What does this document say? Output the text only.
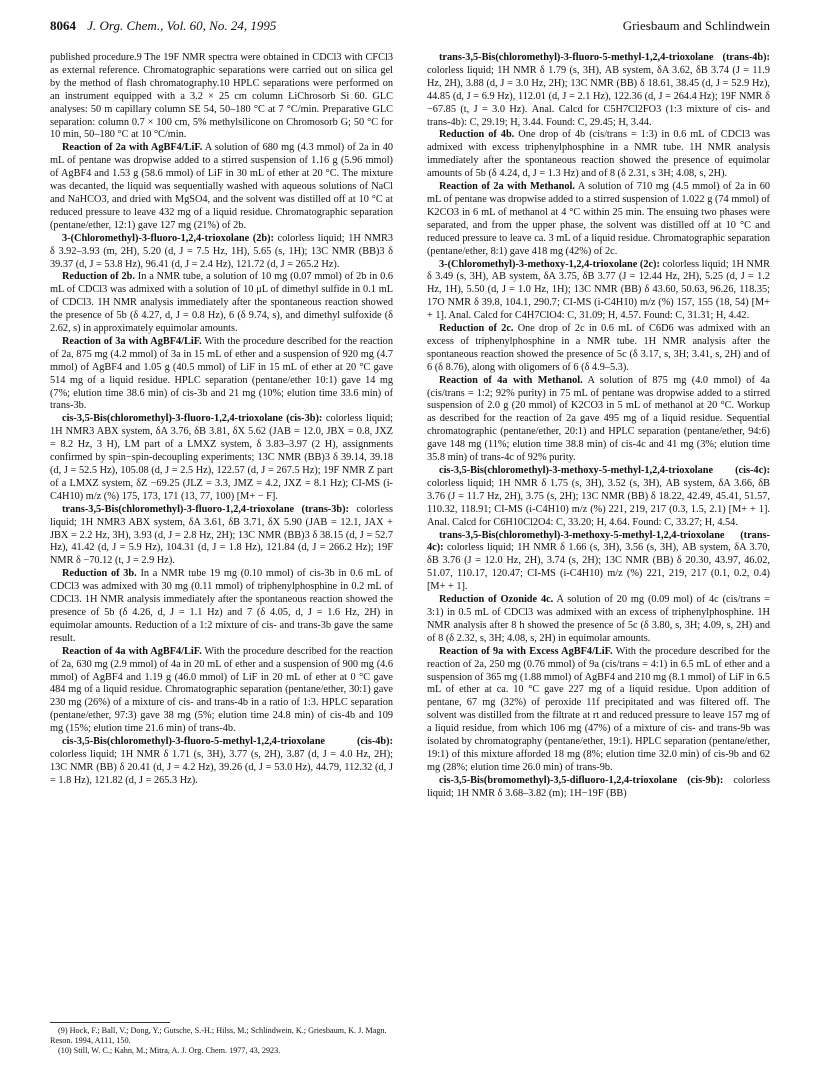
8064 J. Org. Chem., Vol. 60, No. 24, 1995	Griesbaum and Schlindwein

published procedure.9 The 19F NMR spectra were obtained in CDCl3 with CFCl3 as external reference. Chromatographic separations were carried out on silica gel by the method of flash chromatography.10 HPLC separations were performed on an instrument equipped with a 3.2 × 25 cm column LiChrosorb Si 60. GLC analyses: 50 m capillary column SE 54, 50–180 °C at 7 °C/min. Preparative GLC separation: column 0.7 × 100 cm, 5% methylsilicone on Chromosorb G; 50 °C for 10 min, 50–180 °C at 10 °C/min.

Reaction of 2a with AgBF4/LiF. A solution of 680 mg (4.3 mmol) of 2a in 40 mL of pentane was dropwise added to a stirred suspension of 1.16 g (5.96 mmol) of AgBF4 and 1.53 g (58.6 mmol) of LiF in 30 mL of ether at 20 °C. The mixture was decanted, the liquid was sequentially washed with aqueous solutions of NaCl and NaHCO3, and dried with MgSO4, and the solvent was distilled off at 10 °C at reduced pressure to leave 432 mg of a liquid residue. Chromatographic separation (pentane/ether, 12:1) gave 127 mg (21%) of 2b.

3-(Chloromethyl)-3-fluoro-1,2,4-trioxolane (2b): colorless liquid; 1H NMR3 δ 3.92–3.93 (m, 2H), 5.20 (d, J = 7.5 Hz, 1H), 5.65 (s, 1H); 13C NMR (BB)3 δ 39.37 (d, J = 53.8 Hz), 96.41 (d, J = 2.4 Hz), 121.72 (d, J = 265.2 Hz).

Reduction of 2b. In a NMR tube, a solution of 10 mg (0.07 mmol) of 2b in 0.6 mL of CDCl3 was admixed with a solution of 10 μL of dimethyl sulfide in 0.1 mL of CDCl3. 1H NMR analysis immediately after the spontaneous reaction showed the presence of 5b (δ 4.27, d, J = 0.8 Hz), 6 (δ 9.74, s), and dimethyl sulfoxide (δ 2.62, s) in approximately equimolar amounts.

Reaction of 3a with AgBF4/LiF. With the procedure described for the reaction of 2a, 875 mg (4.2 mmol) of 3a in 15 mL of ether and a suspension of 920 mg (4.7 mmol) of AgBF4 and 1.05 g (40.5 mmol) of LiF in 15 mL of ether at 20 °C gave 514 mg of a liquid residue. HPLC separation (pentane/ether 10:1) gave 14 mg (7%; elution time 38.6 min) of cis-3b and 21 mg (10%; elution time 33.6 min) of trans-3b.

cis-3,5-Bis(chloromethyl)-3-fluoro-1,2,4-trioxolane (cis-3b): colorless liquid; 1H NMR3 ABX system, δA 3.76, δB 3.81, δX 5.62 (JAB = 12.0, JBX = 0.8, JXZ = 8.2 Hz, 3 H), LM part of a LMXZ system, δ 3.83–3.97 (2 H), assignments confirmed by spin−spin-decoupling experiments; 13C NMR (BB)3 δ 39.14, 39.18 (d, J = 52.5 Hz), 105.08 (d, J = 2.5 Hz), 122.57 (d, J = 267.5 Hz); 19F NMR Z part of a LMXZ system, δZ −69.25 (JLZ = 3.3, JMZ = 4.2, JXZ = 8.1 Hz); CI-MS (i-C4H10) m/z (%) 175, 173, 171 (13, 77, 100) [M+ − F].

trans-3,5-Bis(chloromethyl)-3-fluoro-1,2,4-trioxolane (trans-3b): colorless liquid; 1H NMR3 ABX system, δA 3.61, δB 3.71, δX 5.90 (JAB = 12.1, JAX + JBX = 2.2 Hz, 3H), 3.93 (d, J = 2.8 Hz, 2H); 13C NMR (BB)3 δ 38.15 (d, J = 52.7 Hz), 41.42 (d, J = 5.9 Hz), 104.31 (d, J = 1.8 Hz), 121.84 (d, J = 266.2 Hz); 19F NMR δ −70.12 (t, J = 2.9 Hz).

Reduction of 3b. In a NMR tube 19 mg (0.10 mmol) of cis-3b in 0.6 mL of CDCl3 was admixed with 30 mg (0.11 mmol) of triphenylphosphine in 0.2 mL of CDCl3. 1H NMR analysis immediately after the spontaneous reaction showed the presence of 5b (δ 4.26, d, J = 1.1 Hz) and 7 (δ 4.05, d, J = 1.6 Hz, 2H) in equimolar amounts. Reduction of a 1:2 mixture of cis- and trans-3b gave the same result.

Reaction of 4a with AgBF4/LiF. With the procedure described for the reaction of 2a, 630 mg (2.9 mmol) of 4a in 20 mL of ether and a suspension of 900 mg (4.6 mmol) of AgBF4 and 1.19 g (46.0 mmol) of LiF in 20 mL of ether at 0 °C gave 484 mg of a liquid residue. Chromatographic separation (pentane/ether, 30:1) gave 230 mg (26%) of a mixture of cis- and trans-4b in a ratio of 1:3. HPLC separation (pentane/ether, 97:3) gave 38 mg (5%; elution time 24.8 min) of cis-4b and 109 mg (15%; elution time 21.6 min) of trans-4b.

cis-3,5-Bis(chloromethyl)-3-fluoro-5-methyl-1,2,4-trioxolane (cis-4b): colorless liquid; 1H NMR δ 1.71 (s, 3H), 3.77 (s, 2H), 3.87 (d, J = 4.0 Hz, 2H); 13C NMR (BB) δ 20.41 (d, J = 4.2 Hz), 39.26 (d, J = 53.0 Hz), 44.79, 112.32 (d, J = 1.8 Hz), 121.82 (d, J = 265.3 Hz).

trans-3,5-Bis(chloromethyl)-3-fluoro-5-methyl-1,2,4-trioxolane (trans-4b): colorless liquid; 1H NMR δ 1.79 (s, 3H), AB system, δA 3.62, δB 3.74 (J = 11.9 Hz, 2H), 3.88 (d, J = 3.0 Hz, 2H); 13C NMR (BB) δ 18.61, 38.45 (d, J = 52.9 Hz), 44.85 (d, J = 6.9 Hz), 112.01 (d, J = 2.1 Hz), 122.36 (d, J = 264.4 Hz); 19F NMR δ −67.85 (t, J = 3.0 Hz). Anal. Calcd for C5H7Cl2FO3 (1:3 mixture of cis- and trans-4b): C, 29.19; H, 3.44. Found: C, 29.45; H, 3.44.

Reduction of 4b. One drop of 4b (cis/trans = 1:3) in 0.6 mL of CDCl3 was admixed with excess triphenylphosphine in a NMR tube. 1H NMR analysis immediately after the spontaneous reaction showed the presence of equimolar amounts of 5b (δ 4.24, d, J = 1.3 Hz) and of 8 (δ 2.31, s 3H; 4.08, s, 2H).

Reaction of 2a with Methanol. A solution of 710 mg (4.5 mmol) of 2a in 60 mL of pentane was dropwise added to a stirred suspension of 1.022 g (74 mmol) of K2CO3 in 6 mL of methanol at 4 °C within 25 min. The ensuing two phases were separated, and from the upper phase, the solvent was distilled off at 10 °C and reduced pressure to leave ca. 3 mL of a liquid residue. Chromatographic separation (pentane/ether, 8:1) gave 418 mg (42%) of 2c.

3-(Chloromethyl)-3-methoxy-1,2,4-trioxolane (2c): colorless liquid; 1H NMR δ 3.49 (s, 3H), AB system, δA 3.75, δB 3.77 (J = 12.44 Hz, 2H), 5.25 (d, J = 1.2 Hz, 1H), 5.50 (d, J = 1.0 Hz, 1H); 13C NMR (BB) δ 43.60, 50.63, 96.26, 118.35; 17O NMR δ 39.8, 104.1, 290.7; CI-MS (i-C4H10) m/z (%) 157, 155 (18, 54) [M+ + 1]. Anal. Calcd for C4H7ClO4: C, 31.09; H, 4.57. Found: C, 31.31; H, 4.42.

Reduction of 2c. One drop of 2c in 0.6 mL of C6D6 was admixed with an excess of triphenylphosphine in a NMR tube. 1H NMR analysis after the spontaneous reaction showed the presence of 5c (δ 3.17, s, 3H; 3.41, s, 2H) and of 6 (δ 8.76), along with oligomers of 6 (δ 4.9–5.3).

Reaction of 4a with Methanol. A solution of 875 mg (4.0 mmol) of 4a (cis/trans = 1:2; 92% purity) in 75 mL of pentane was dropwise added to a stirred suspension of 2.0 g (20 mmol) of K2CO3 in 5 mL of methanol at 20 °C. Workup as described for the reaction of 2a gave 495 mg of a liquid residue. Sequential chromatographic (pentane/ether, 20:1) and HPLC separation (pentane/ether, 94:6) gave 148 mg (11%; elution time 38.8 min) of cis-4c and 41 mg (3%; elution time 35.8 min) of trans-4c of 92% purity.

cis-3,5-Bis(chloromethyl)-3-methoxy-5-methyl-1,2,4-trioxolane (cis-4c): colorless liquid; 1H NMR δ 1.75 (s, 3H), 3.52 (s, 3H), AB system, δA 3.66, δB 3.76 (J = 11.7 Hz, 2H), 3.75 (s, 2H); 13C NMR (BB) δ 18.22, 42.49, 45.41, 51.57, 110.32, 118.91; CI-MS (i-C4H10) m/z (%) 221, 219, 217 (0.3, 1.5, 2.1) [M+ + 1]. Anal. Calcd for C6H10Cl2O4: C, 33.20; H, 4.64. Found: C, 33.27; H, 4.54.

trans-3,5-Bis(chloromethyl)-3-methoxy-5-methyl-1,2,4-trioxolane (trans-4c): colorless liquid; 1H NMR δ 1.66 (s, 3H), 3.56 (s, 3H), AB system, δA 3.70, δB 3.76 (J = 12.0 Hz, 2H), 3.74 (s, 2H); 13C NMR (BB) δ 20.30, 43.97, 46.02, 51.07, 110.17, 120.47; CI-MS (i-C4H10) m/z (%) 221, 219, 217 (0.1, 0.2, 0.4) [M+ + 1].

Reduction of Ozonide 4c. A solution of 20 mg (0.09 mol) of 4c (cis/trans = 3:1) in 0.5 mL of CDCl3 was admixed with an excess of triphenylphosphine. 1H NMR analysis after 8 h showed the presence of 5c (δ 3.80, s, 3H; 4.09, s, 2H) and of 8 (δ 2.32, s, 3H; 4.08, s, 2H) in equimolar amounts.

Reaction of 9a with Excess AgBF4/LiF. With the procedure described for the reaction of 2a, 250 mg (0.76 mmol) of 9a (cis/trans = 4:1) in 6.5 mL of ether and a suspension of 365 mg (1.88 mmol) of AgBF4 and 210 mg (8.1 mmol) of LiF in 6.5 mL of ether at ca. 10 °C gave 227 mg of a liquid residue. Upon addition of pentane, 67 mg (32%) of peroxide 11f precipitated and was filtered off. The solvent was distilled from the filtrate at rt and reduced pressure to leave 157 mg of a liquid residue, from which 106 mg (47%) of a mixture of cis- and trans-9b was isolated by chromatography (pentane/ether, 19:1). HPLC separation (pentane/ether, 19:1) of this mixture afforded 18 mg (8%; elution time 32.0 min) of cis-9b and 62 mg (28%; elution time 26.0 min) of trans-9b.

cis-3,5-Bis(bromomethyl)-3,5-difluoro-1,2,4-trioxolane (cis-9b): colorless liquid; 1H NMR δ 3.68–3.82 (m); 1H−19F (BB)

(9) Hock, F.; Ball, V.; Dong, Y.; Gutsche, S.-H.; Hilss, M.; Schlindwein, K.; Griesbaum, K. J. Magn. Reson. 1994, A111, 150.

(10) Still, W. C.; Kahn, M.; Mitra, A. J. Org. Chem. 1977, 43, 2923.
